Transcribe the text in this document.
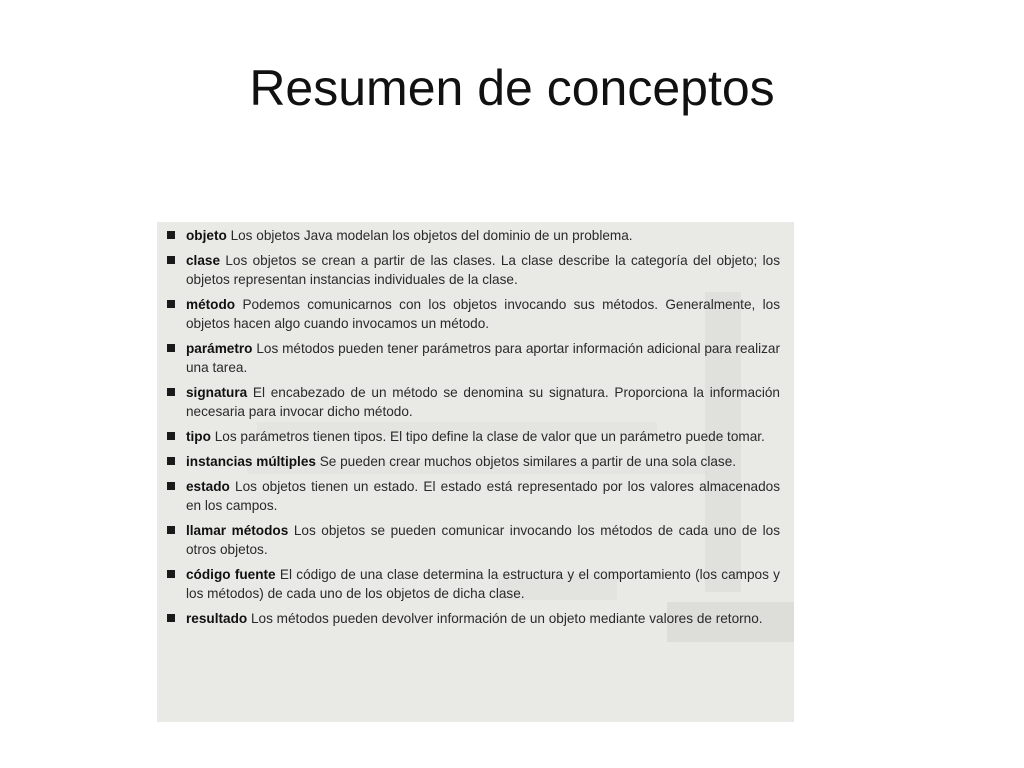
Resumen de conceptos
objeto Los objetos Java modelan los objetos del dominio de un problema.
clase Los objetos se crean a partir de las clases. La clase describe la categoría del objeto; los objetos representan instancias individuales de la clase.
método Podemos comunicarnos con los objetos invocando sus métodos. Generalmente, los objetos hacen algo cuando invocamos un método.
parámetro Los métodos pueden tener parámetros para aportar información adicional para realizar una tarea.
signatura El encabezado de un método se denomina su signatura. Proporciona la información necesaria para invocar dicho método.
tipo Los parámetros tienen tipos. El tipo define la clase de valor que un parámetro puede tomar.
instancias múltiples Se pueden crear muchos objetos similares a partir de una sola clase.
estado Los objetos tienen un estado. El estado está representado por los valores almacenados en los campos.
llamar métodos Los objetos se pueden comunicar invocando los métodos de cada uno de los otros objetos.
código fuente El código de una clase determina la estructura y el comportamiento (los campos y los métodos) de cada uno de los objetos de dicha clase.
resultado Los métodos pueden devolver información de un objeto mediante valores de retorno.
